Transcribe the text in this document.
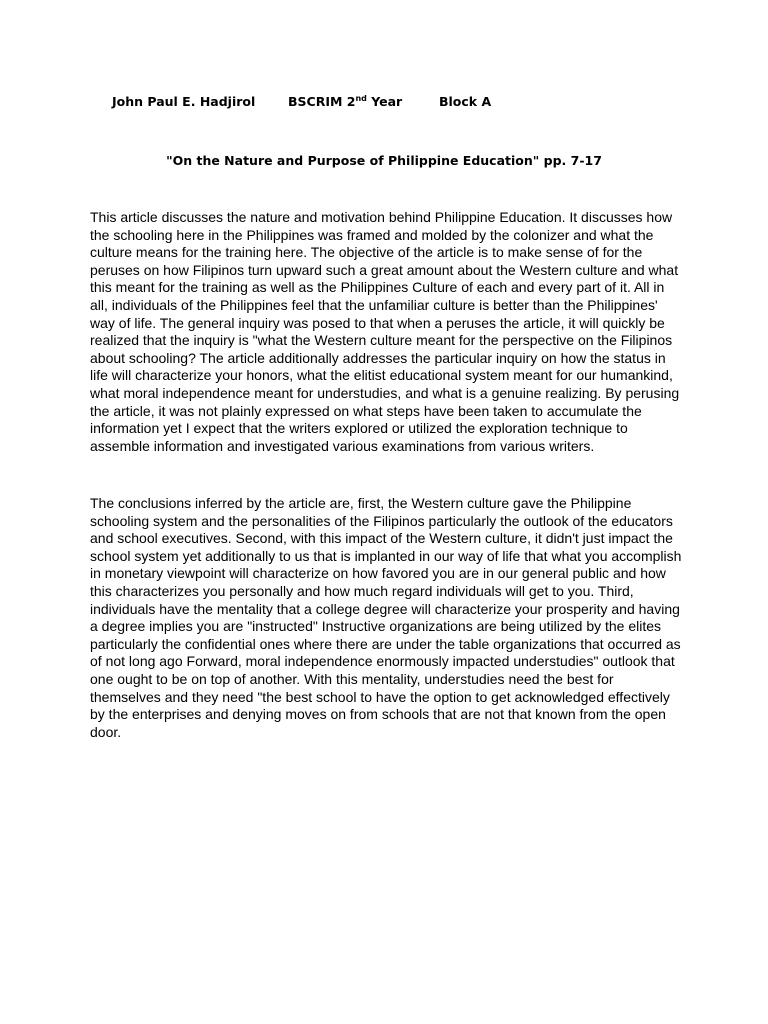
John Paul E. Hadjirol	BSCRIM 2nd Year	Block A
"On the Nature and Purpose of Philippine Education" pp. 7-17
This article discusses the nature and motivation behind Philippine Education. It discusses how
the schooling here in the Philippines was framed and molded by the colonizer and what the
culture means for the training here. The objective of the article is to make sense of for the
peruses on how Filipinos turn upward such a great amount about the Western culture and what
this meant for the training as well as the Philippines Culture of each and every part of it. All in
all, individuals of the Philippines feel that the unfamiliar culture is better than the Philippines'
way of life. The general inquiry was posed to that when a peruses the article, it will quickly be
realized that the inquiry is "what the Western culture meant for the perspective on the Filipinos
about schooling? The article additionally addresses the particular inquiry on how the status in
life will characterize your honors, what the elitist educational system meant for our humankind,
what moral independence meant for understudies, and what is a genuine realizing. By perusing
the article, it was not plainly expressed on what steps have been taken to accumulate the
information yet I expect that the writers explored or utilized the exploration technique to
assemble information and investigated various examinations from various writers.
The conclusions inferred by the article are, first, the Western culture gave the Philippine
schooling system and the personalities of the Filipinos particularly the outlook of the educators
and school executives. Second, with this impact of the Western culture, it didn't just impact the
school system yet additionally to us that is implanted in our way of life that what you accomplish
in monetary viewpoint will characterize on how favored you are in our general public and how
this characterizes you personally and how much regard individuals will get to you. Third,
individuals have the mentality that a college degree will characterize your prosperity and having
a degree implies you are "instructed" Instructive organizations are being utilized by the elites
particularly the confidential ones where there are under the table organizations that occurred as
of not long ago Forward, moral independence enormously impacted understudies" outlook that
one ought to be on top of another. With this mentality, understudies need the best for
themselves and they need "the best school to have the option to get acknowledged effectively
by the enterprises and denying moves on from schools that are not that known from the open
door.
